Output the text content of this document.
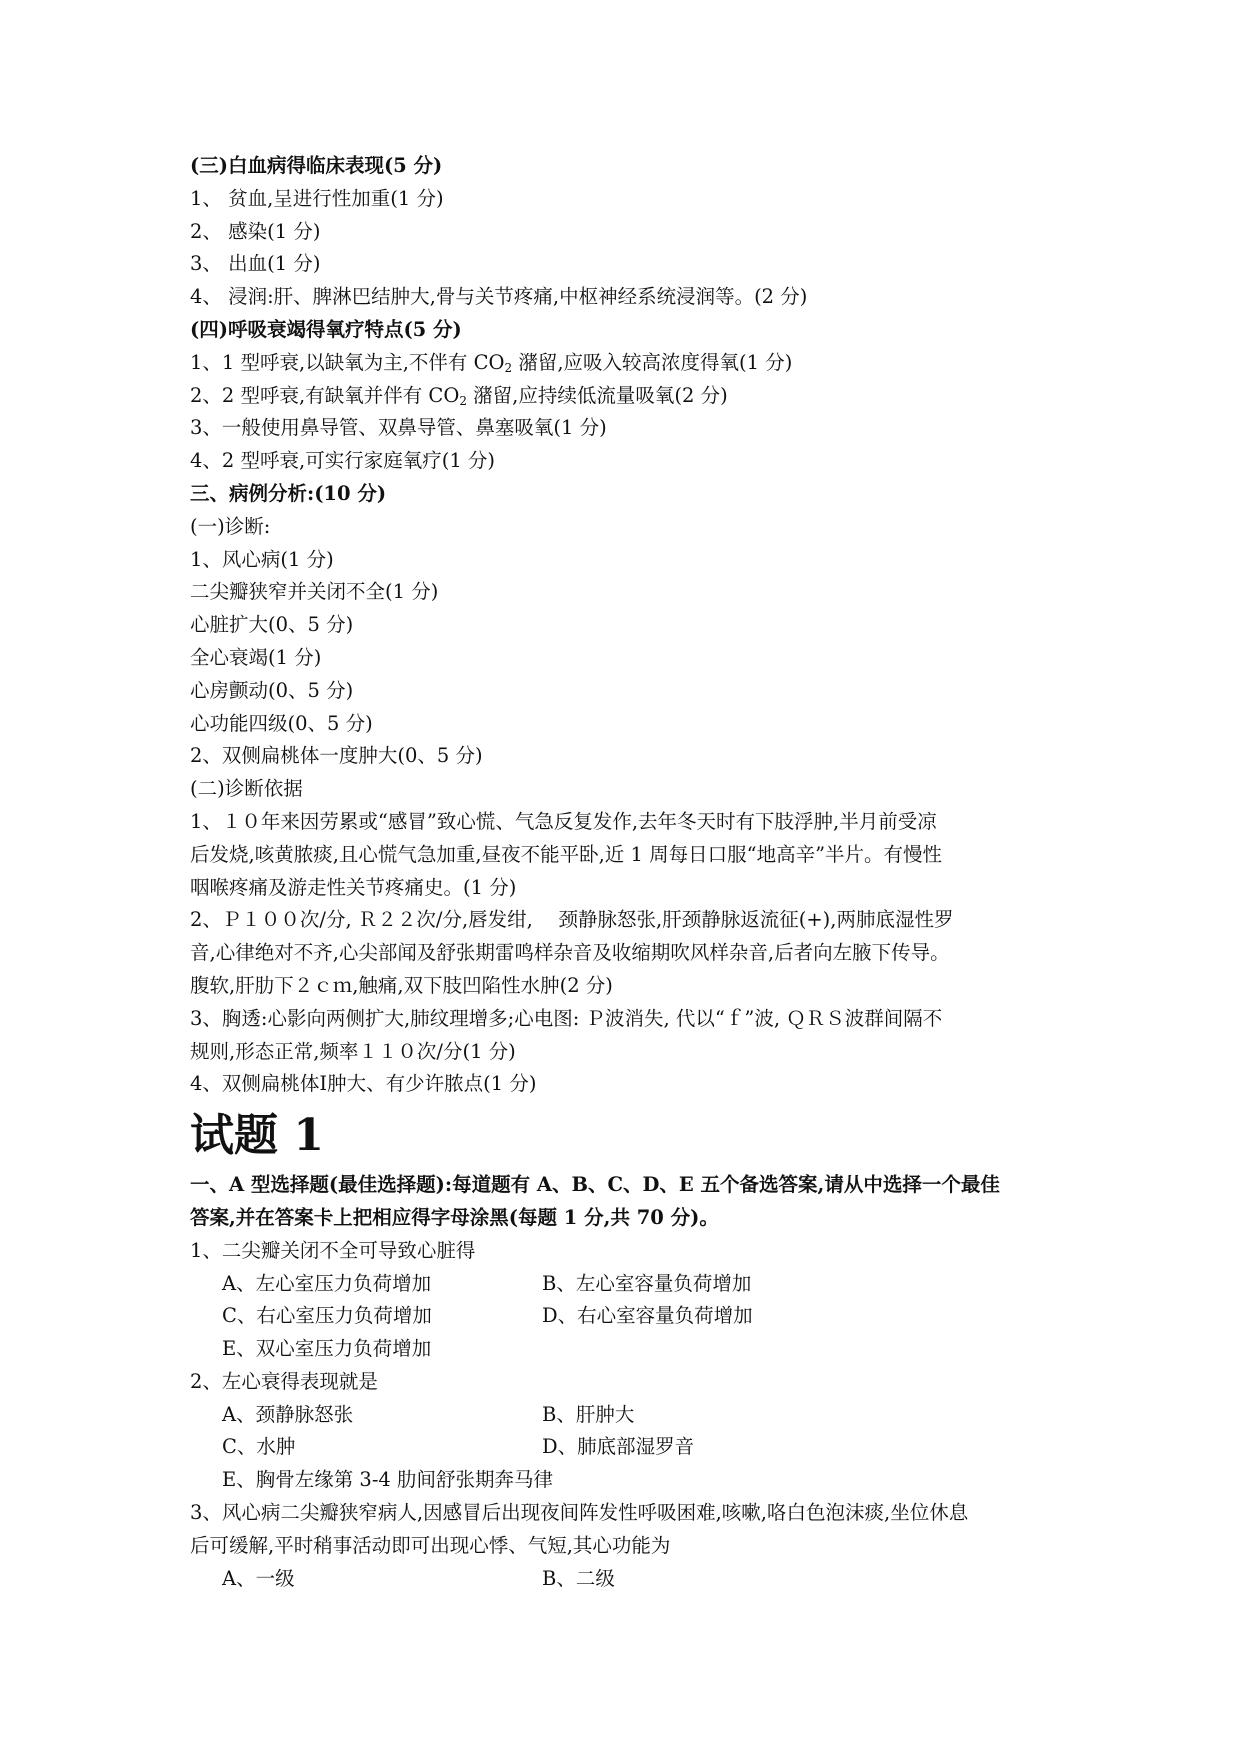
(三)白血病得临床表现(5 分)
1、 贫血,呈进行性加重(1 分)
2、 感染(1 分)
3、 出血(1 分)
4、 浸润:肝、脾淋巴结肿大,骨与关节疼痛,中枢神经系统浸润等。(2 分)
(四)呼吸衰竭得氧疗特点(5 分)
1、1 型呼衰,以缺氧为主,不伴有 $CO_2$ 潴留,应吸入较高浓度得氧(1 分)
2、2 型呼衰,有缺氧并伴有 $CO_2$ 潴留,应持续低流量吸氧(2 分)
3、一般使用鼻导管、双鼻导管、鼻塞吸氧(1 分)
4、2 型呼衰,可实行家庭氧疗(1 分)
三、病例分析:(10 分)
(一)诊断:
1、风心病(1 分)
二尖瓣狭窄并关闭不全(1 分)
心脏扩大(0、5 分)
全心衰竭(1 分)
心房颤动(0、5 分)
心功能四级(0、5 分)
2、双侧扁桃体一度肿大(0、5 分)
(二)诊断依据
1、１０年来因劳累或“感冒”致心慌、气急反复发作,去年冬天时有下肢浮肿,半月前受凉
后发烧,咳黄脓痰,且心慌气急加重,昼夜不能平卧,近 1 周每日口服“地高辛”半片。有慢性
咽喉疼痛及游走性关节疼痛史。(1 分)
2、Ｐ１００次/分, Ｒ２２次/分,唇发绀,　 颈静脉怒张,肝颈静脉返流征(+),两肺底湿性罗
音,心律绝对不齐,心尖部闻及舒张期雷鸣样杂音及收缩期吹风样杂音,后者向左腋下传导。
腹软,肝肋下２ｃｍ,触痛,双下肢凹陷性水肿(2 分)
3、胸透:心影向两侧扩大,肺纹理增多;心电图: Ｐ波消失, 代以“ｆ”波, ＱＲＳ波群间隔不
规则,形态正常,频率１１０次/分(1 分)
4、双侧扁桃体Ⅰ肿大、有少许脓点(1 分)
试题 1
一、A 型选择题(最佳选择题):每道题有 A、B、C、D、E 五个备选答案,请从中选择一个最佳
答案,并在答案卡上把相应得字母涂黑(每题 1 分,共 70 分)。
1、二尖瓣关闭不全可导致心脏得
A、左心室压力负荷增加	B、左心室容量负荷增加
C、右心室压力负荷增加	D、右心室容量负荷增加
E、双心室压力负荷增加
2、左心衰得表现就是
A、颈静脉怒张	B、肝肿大
C、水肿	D、肺底部湿罗音
E、胸骨左缘第 3-4 肋间舒张期奔马律
3、风心病二尖瓣狭窄病人,因感冒后出现夜间阵发性呼吸困难,咳嗽,咯白色泡沫痰,坐位休息
后可缓解,平时稍事活动即可出现心悸、气短,其心功能为
A、一级	B、二级
